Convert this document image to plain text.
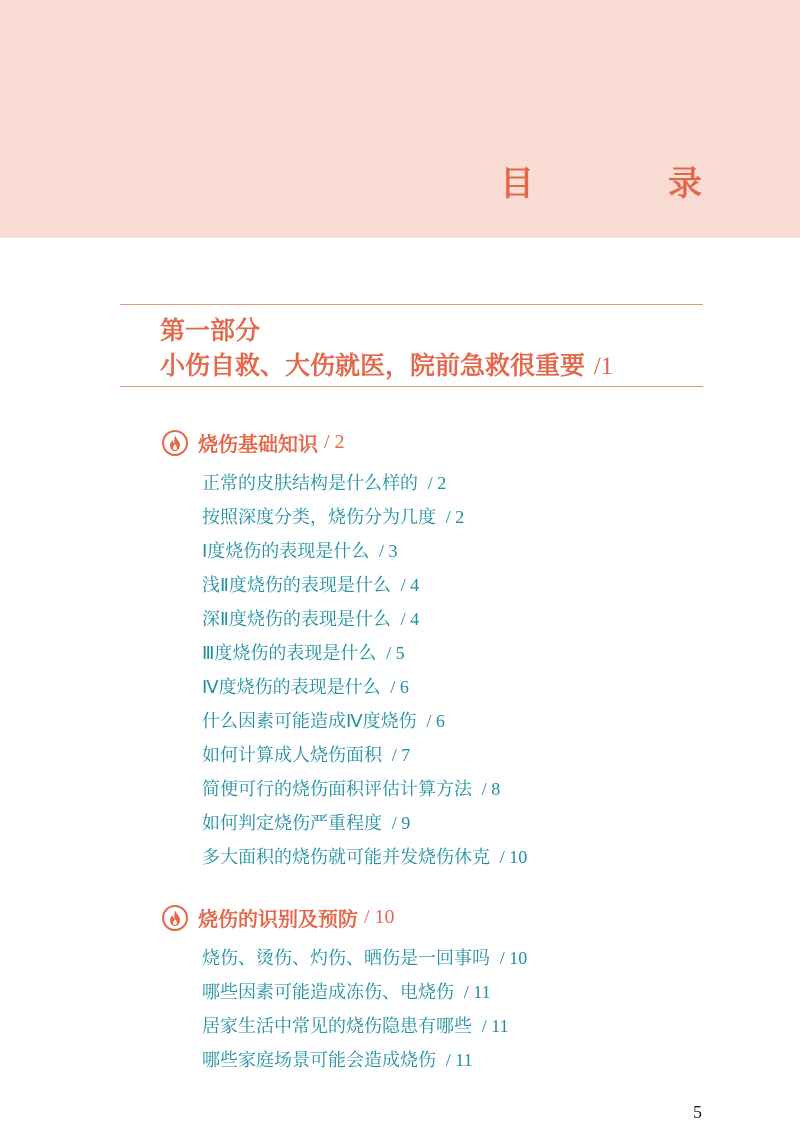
目　录
第一部分
小伤自救、大伤就医，院前急救很重要 /1
烧伤基础知识 / 2
正常的皮肤结构是什么样的 / 2
按照深度分类，烧伤分为几度 / 2
Ⅰ度烧伤的表现是什么 / 3
浅Ⅱ度烧伤的表现是什么 / 4
深Ⅱ度烧伤的表现是什么 / 4
Ⅲ度烧伤的表现是什么 / 5
Ⅳ度烧伤的表现是什么 / 6
什么因素可能造成Ⅳ度烧伤 / 6
如何计算成人烧伤面积 / 7
简便可行的烧伤面积评估计算方法 / 8
如何判定烧伤严重程度 / 9
多大面积的烧伤就可能并发烧伤休克 / 10
烧伤的识别及预防 / 10
烧伤、烫伤、灼伤、晒伤是一回事吗 / 10
哪些因素可能造成冻伤、电烧伤 / 11
居家生活中常见的烧伤隐患有哪些 / 11
哪些家庭场景可能会造成烧伤 / 11
5
